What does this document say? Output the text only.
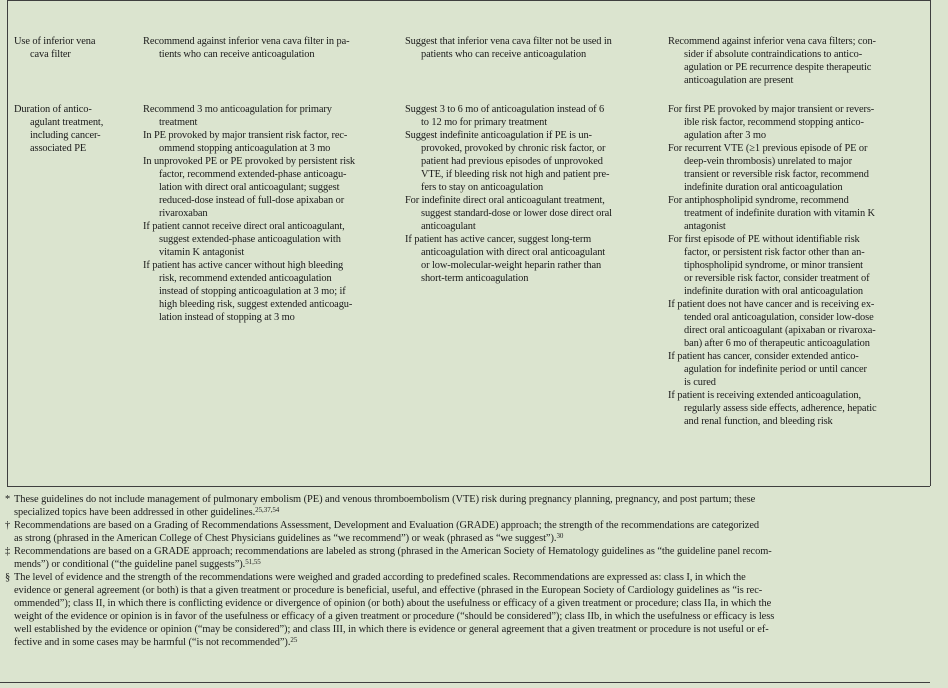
Use of inferior vena
cava filter
Recommend against inferior vena cava filter in pa-
tients who can receive anticoagulation
Suggest that inferior vena cava filter not be used in
patients who can receive anticoagulation
Recommend against inferior vena cava filters; con-
sider if absolute contraindications to antico-
agulation or PE recurrence despite therapeutic
anticoagulation are present
Duration of antico-
agulant treatment,
including cancer-
associated PE
Recommend 3 mo anticoagulation for primary
treatment
In PE provoked by major transient risk factor, rec-
ommend stopping anticoagulation at 3 mo
In unprovoked PE or PE provoked by persistent risk
factor, recommend extended-phase anticoagu-
lation with direct oral anticoagulant; suggest
reduced-dose instead of full-dose apixaban or
rivaroxaban
If patient cannot receive direct oral anticoagulant,
suggest extended-phase anticoagulation with
vitamin K antagonist
If patient has active cancer without high bleeding
risk, recommend extended anticoagulation
instead of stopping anticoagulation at 3 mo; if
high bleeding risk, suggest extended anticoagu-
lation instead of stopping at 3 mo
Suggest 3 to 6 mo of anticoagulation instead of 6
to 12 mo for primary treatment
Suggest indefinite anticoagulation if PE is un-
provoked, provoked by chronic risk factor, or
patient had previous episodes of unprovoked
VTE, if bleeding risk not high and patient pre-
fers to stay on anticoagulation
For indefinite direct oral anticoagulant treatment,
suggest standard-dose or lower dose direct oral
anticoagulant
If patient has active cancer, suggest long-term
anticoagulation with direct oral anticoagulant
or low-molecular-weight heparin rather than
short-term anticoagulation
For first PE provoked by major transient or revers-
ible risk factor, recommend stopping antico-
agulation after 3 mo
For recurrent VTE (≥1 previous episode of PE or
deep-vein thrombosis) unrelated to major
transient or reversible risk factor, recommend
indefinite duration oral anticoagulation
For antiphospholipid syndrome, recommend
treatment of indefinite duration with vitamin K
antagonist
For first episode of PE without identifiable risk
factor, or persistent risk factor other than an-
tiphospholipid syndrome, or minor transient
or reversible risk factor, consider treatment of
indefinite duration with oral anticoagulation
If patient does not have cancer and is receiving ex-
tended oral anticoagulation, consider low-dose
direct oral anticoagulant (apixaban or rivaroxa-
ban) after 6 mo of therapeutic anticoagulation
If patient has cancer, consider extended antico-
agulation for indefinite period or until cancer
is cured
If patient is receiving extended anticoagulation,
regularly assess side effects, adherence, hepatic
and renal function, and bleeding risk
* These guidelines do not include management of pulmonary embolism (PE) and venous thromboembolism (VTE) risk during pregnancy planning, pregnancy, and post partum; these
specialized topics have been addressed in other guidelines.$^{25,37,54}$
† Recommendations are based on a Grading of Recommendations Assessment, Development and Evaluation (GRADE) approach; the strength of the recommendations are categorized
as strong (phrased in the American College of Chest Physicians guidelines as “we recommend”) or weak (phrased as “we suggest”).$^{30}$
‡ Recommendations are based on a GRADE approach; recommendations are labeled as strong (phrased in the American Society of Hematology guidelines as “the guideline panel recom-
mends”) or conditional (“the guideline panel suggests”).$^{51,55}$
§ The level of evidence and the strength of the recommendations were weighed and graded according to predefined scales. Recommendations are expressed as: class I, in which the
evidence or general agreement (or both) is that a given treatment or procedure is beneficial, useful, and effective (phrased in the European Society of Cardiology guidelines as “is rec-
ommended”); class II, in which there is conflicting evidence or divergence of opinion (or both) about the usefulness or efficacy of a given treatment or procedure; class IIa, in which the
weight of the evidence or opinion is in favor of the usefulness or efficacy of a given treatment or procedure (“should be considered”); class IIb, in which the usefulness or efficacy is less
well established by the evidence or opinion (“may be considered”); and class III, in which there is evidence or general agreement that a given treatment or procedure is not useful or ef-
fective and in some cases may be harmful (“is not recommended”).$^{25}$
